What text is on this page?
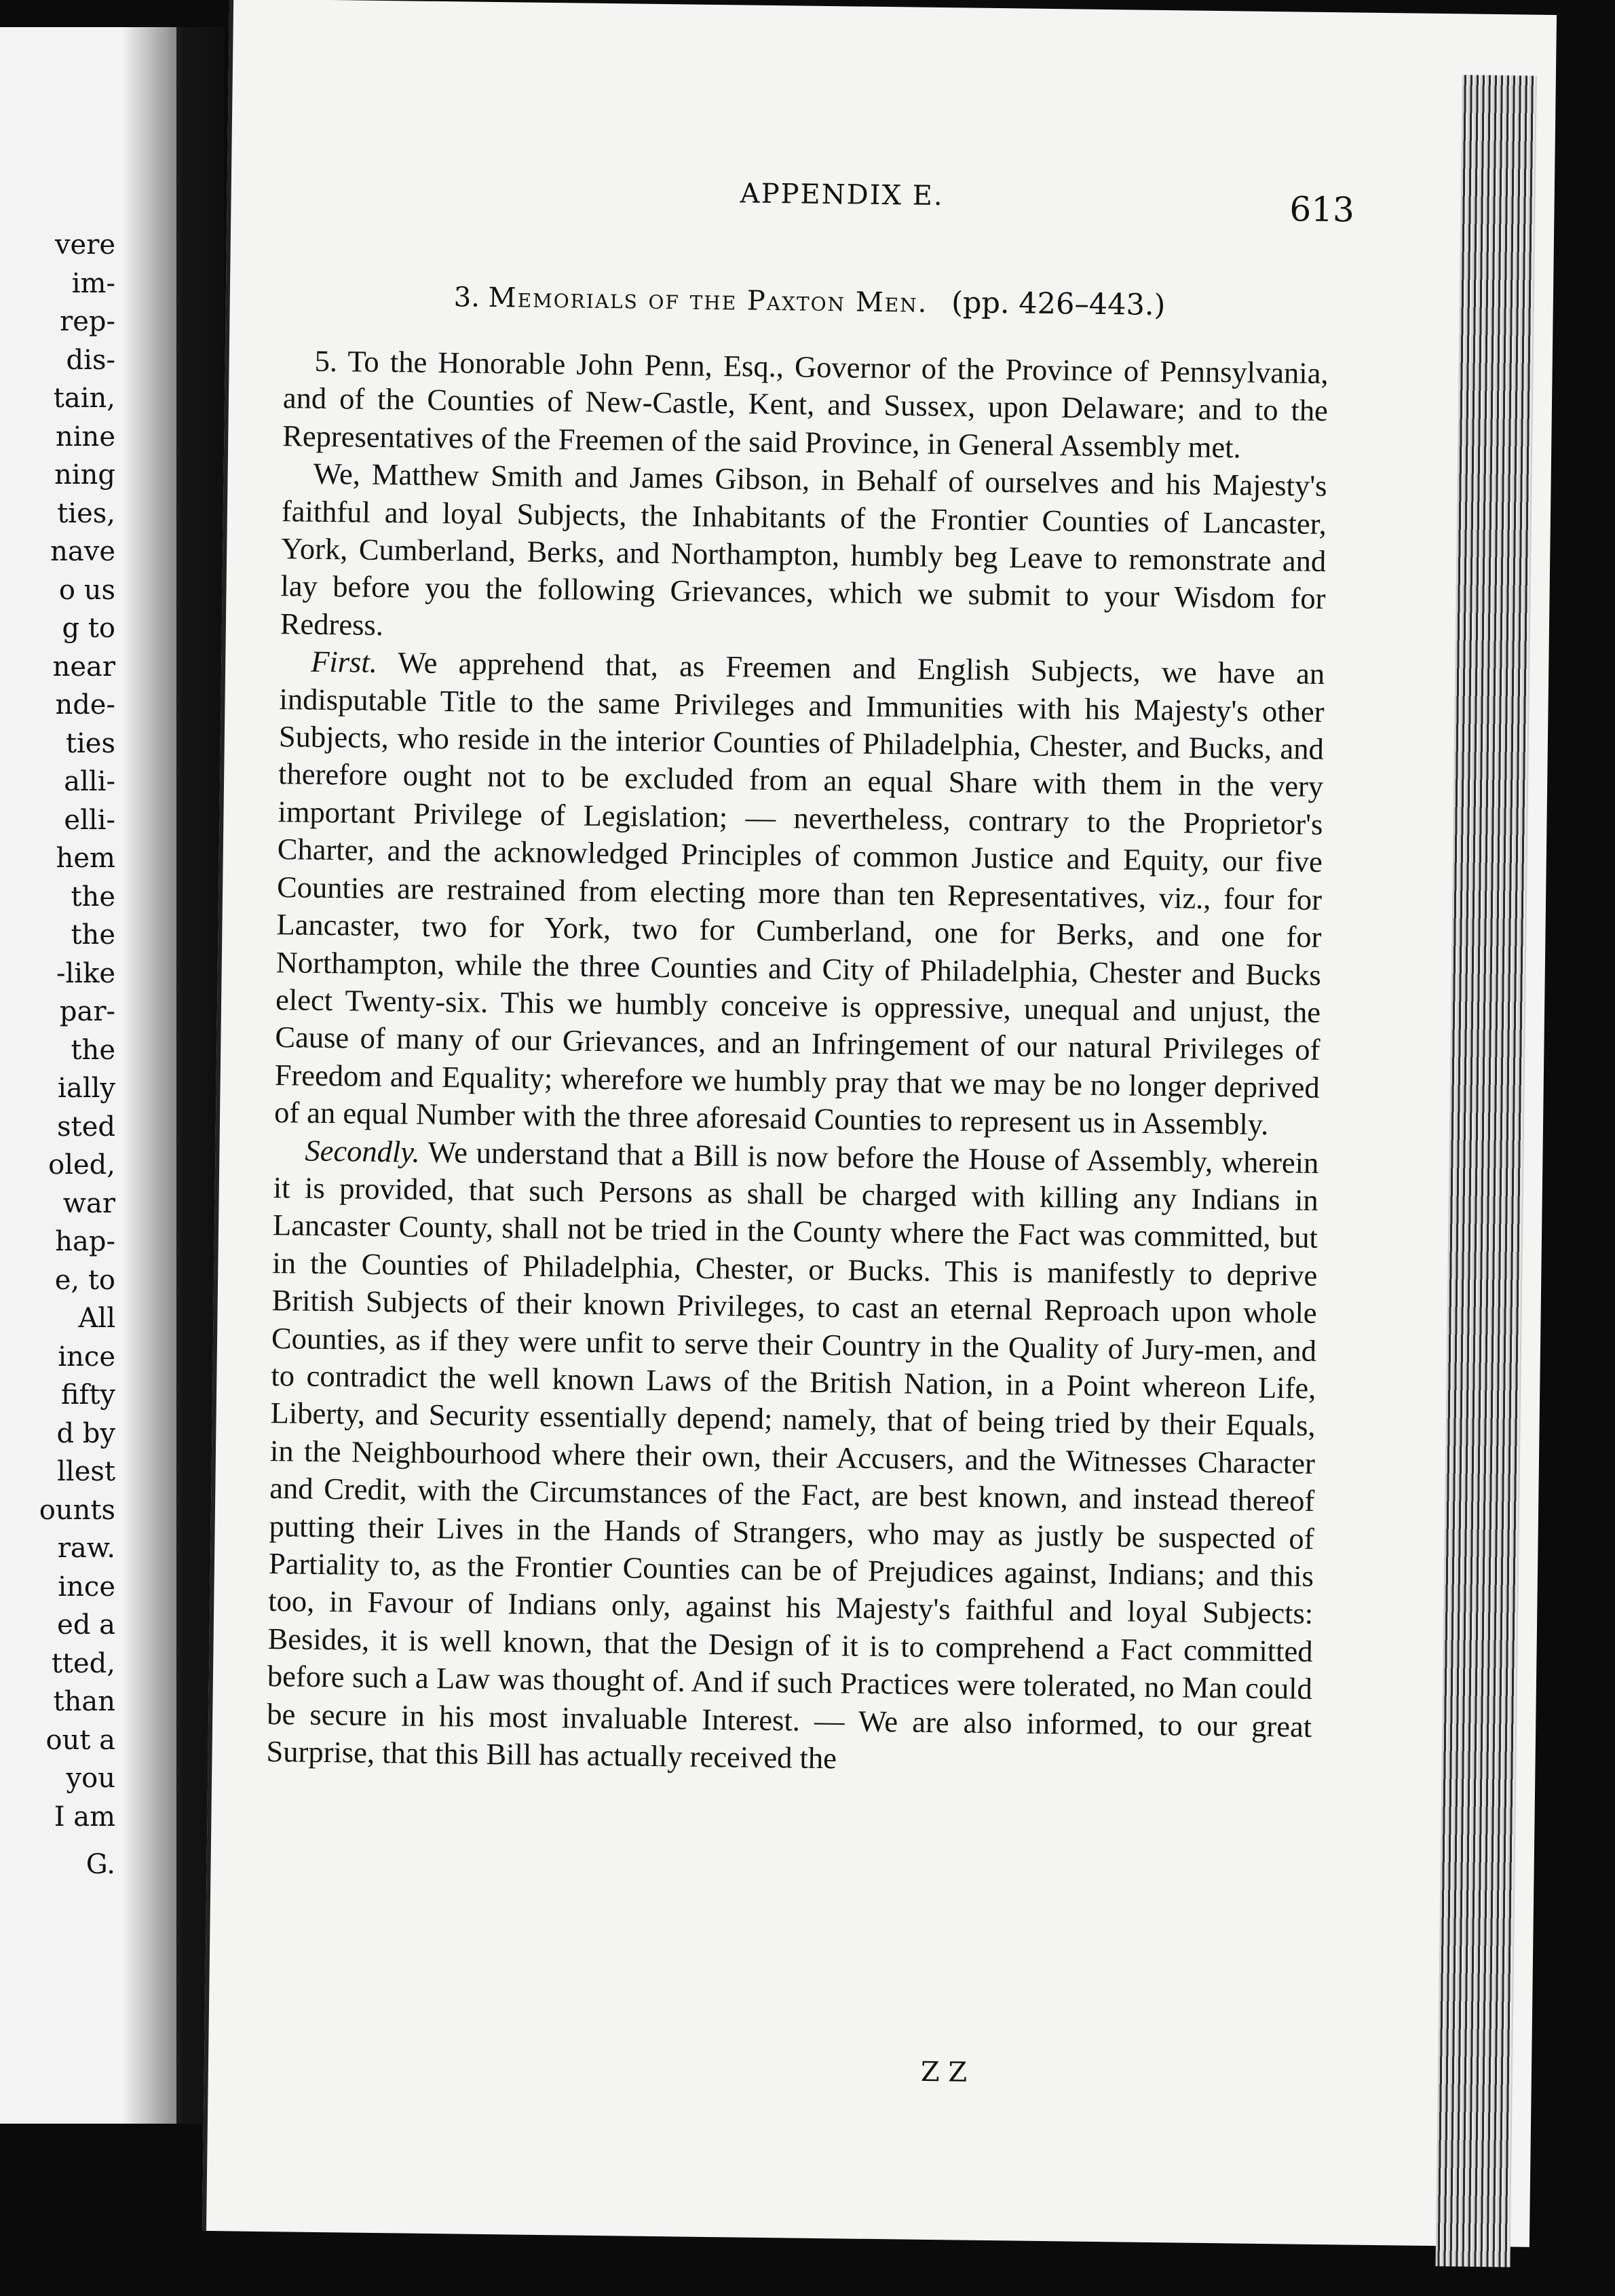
vere
im-
rep-
dis-
tain,
nine
ning
ties,
nave
o us
g to
near
nde-
ties
alli-
elli-
hem
the
the
-like
par-
the
ially
sted
oled,
war
hap-
e, to
All
ince
fifty
d by
llest
ounts
raw.
ince
ed a
tted,
than
out a
you
I am
G.
APPENDIX E.	613
3. Memorials of the Paxton Men. (pp. 426–443.)

5. To the Honorable John Penn, Esq., Governor of the Province of Pennsylvania, and of the Counties of New-Castle, Kent, and Sussex, upon Delaware; and to the Representatives of the Freemen of the said Province, in General Assembly met.

We, Matthew Smith and James Gibson, in Behalf of ourselves and his Majesty's faithful and loyal Subjects, the Inhabitants of the Frontier Counties of Lancaster, York, Cumberland, Berks, and Northampton, humbly beg Leave to remonstrate and lay before you the following Grievances, which we submit to your Wisdom for Redress.

First. We apprehend that, as Freemen and English Subjects, we have an indisputable Title to the same Privileges and Immunities with his Majesty's other Subjects, who reside in the interior Counties of Philadelphia, Chester, and Bucks, and therefore ought not to be excluded from an equal Share with them in the very important Privilege of Legislation; — nevertheless, contrary to the Proprietor's Charter, and the acknowledged Principles of common Justice and Equity, our five Counties are restrained from electing more than ten Representatives, viz., four for Lancaster, two for York, two for Cumberland, one for Berks, and one for Northampton, while the three Counties and City of Philadelphia, Chester and Bucks elect Twenty-six. This we humbly conceive is oppressive, unequal and unjust, the Cause of many of our Grievances, and an Infringement of our natural Privileges of Freedom and Equality; wherefore we humbly pray that we may be no longer deprived of an equal Number with the three aforesaid Counties to represent us in Assembly.

Secondly. We understand that a Bill is now before the House of Assembly, wherein it is provided, that such Persons as shall be charged with killing any Indians in Lancaster County, shall not be tried in the County where the Fact was committed, but in the Counties of Philadelphia, Chester, or Bucks. This is manifestly to deprive British Subjects of their known Privileges, to cast an eternal Reproach upon whole Counties, as if they were unfit to serve their Country in the Quality of Jury-men, and to contradict the well known Laws of the British Nation, in a Point whereon Life, Liberty, and Security essentially depend; namely, that of being tried by their Equals, in the Neighbourhood where their own, their Accusers, and the Witnesses Character and Credit, with the Circumstances of the Fact, are best known, and instead thereof putting their Lives in the Hands of Strangers, who may as justly be suspected of Partiality to, as the Frontier Counties can be of Prejudices against, Indians; and this too, in Favour of Indians only, against his Majesty's faithful and loyal Subjects: Besides, it is well known, that the Design of it is to comprehend a Fact committed before such a Law was thought of. And if such Practices were tolerated, no Man could be secure in his most invaluable Interest. — We are also informed, to our great Surprise, that this Bill has actually received the

Z Z
